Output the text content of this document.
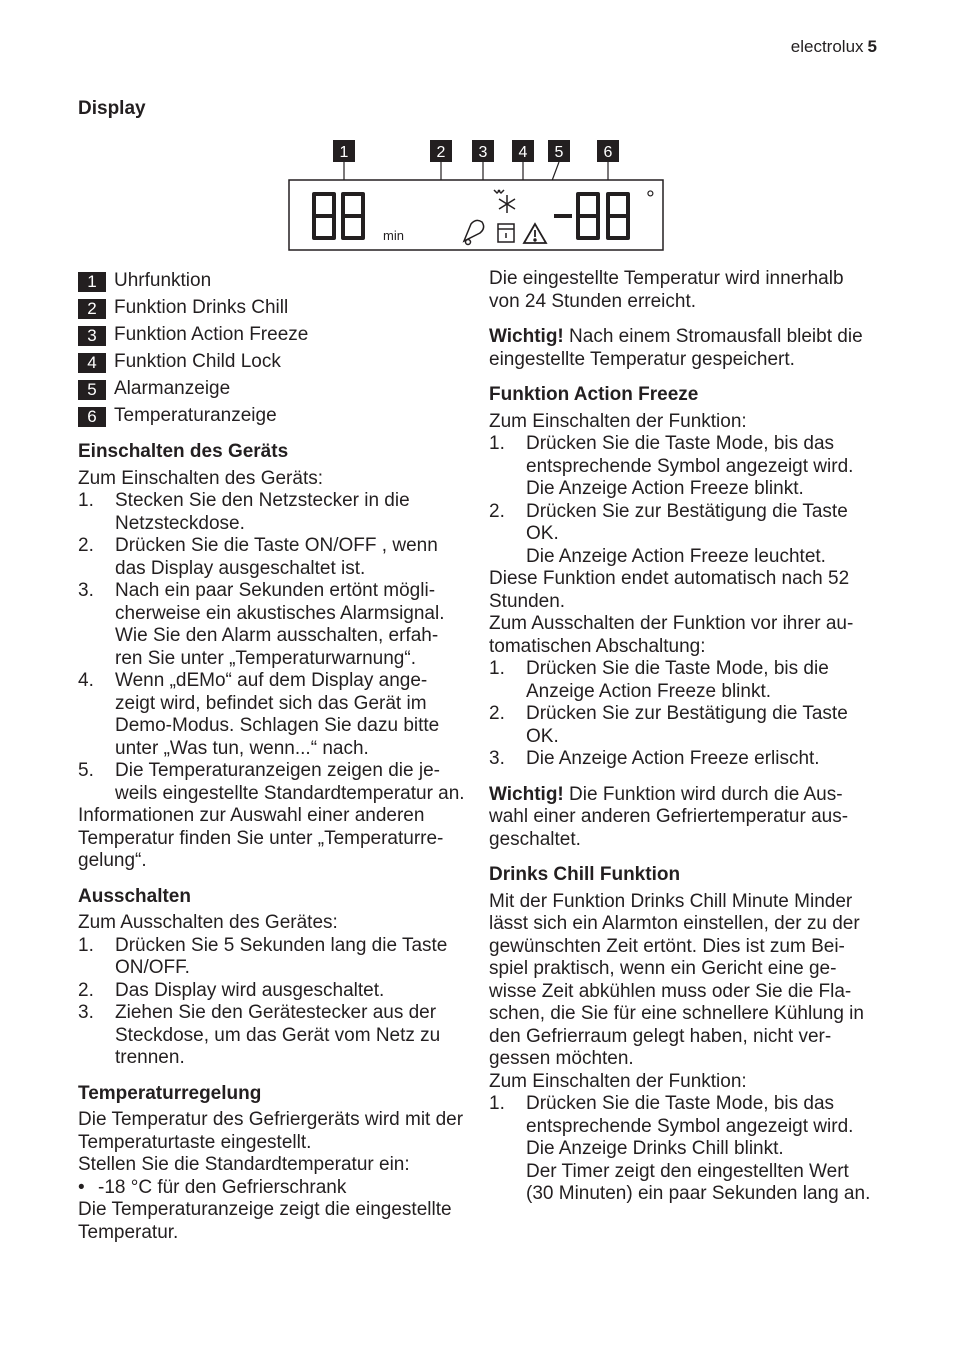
electrolux 5
Display
1	2 3 4 5	6
min
°
1 Uhrfunktion
2 Funktion Drinks Chill
3 Funktion Action Freeze
4 Funktion Child Lock
5 Alarmanzeige
6 Temperaturanzeige
Einschalten des Geräts

Zum Einschalten des Geräts:

1. Stecken Sie den Netzstecker in die Netzsteckdose.
2. Drücken Sie die Taste ON/OFF , wenn das Display ausgeschaltet ist.
3. Nach ein paar Sekunden ertönt mögli- cherweise ein akustisches Alarmsignal. Wie Sie den Alarm ausschalten, erfah- ren Sie unter „Temperaturwarnung“.
4. Wenn „dEMo“ auf dem Display ange- zeigt wird, befindet sich das Gerät im Demo-Modus. Schlagen Sie dazu bitte unter „Was tun, wenn...“ nach.
5. Die Temperaturanzeigen zeigen die je- weils eingestellte Standardtemperatur an.

Informationen zur Auswahl einer anderen Temperatur finden Sie unter „Temperaturre- gelung“.

Ausschalten

Zum Ausschalten des Gerätes:

1. Drücken Sie 5 Sekunden lang die Taste ON/OFF.
2. Das Display wird ausgeschaltet.
3. Ziehen Sie den Gerätestecker aus der Steckdose, um das Gerät vom Netz zu trennen.
Temperaturregelung

Die Temperatur des Gefriergeräts wird mit der Temperaturtaste eingestellt.

Stellen Sie die Standardtemperatur ein:

• -18 °C für den Gefrierschrank

Die Temperaturanzeige zeigt die eingestellte Temperatur.

Die eingestellte Temperatur wird innerhalb von 24 Stunden erreicht.

Wichtig! Nach einem Stromausfall bleibt die eingestellte Temperatur gespeichert.

Funktion Action Freeze

Zum Einschalten der Funktion:

1. Drücken Sie die Taste Mode, bis das entsprechende Symbol angezeigt wird. Die Anzeige Action Freeze blinkt.
2. Drücken Sie zur Bestätigung die Taste OK.

Die Anzeige Action Freeze leuchtet.

Diese Funktion endet automatisch nach 52 Stunden.

Zum Ausschalten der Funktion vor ihrer au- tomatischen Abschaltung:

1. Drücken Sie die Taste Mode, bis die Anzeige Action Freeze blinkt.
2. Drücken Sie zur Bestätigung die Taste OK.
3. Die Anzeige Action Freeze erlischt.

Wichtig! Die Funktion wird durch die Aus- wahl einer anderen Gefriertemperatur aus- geschaltet.

Drinks Chill Funktion

Mit der Funktion Drinks Chill Minute Minder lässt sich ein Alarmton einstellen, der zu der gewünschten Zeit ertönt. Dies ist zum Bei- spiel praktisch, wenn ein Gericht eine ge- wisse Zeit abkühlen muss oder Sie die Fla- schen, die Sie für eine schnellere Kühlung in den Gefrierraum gelegt haben, nicht ver- gessen möchten.

Zum Einschalten der Funktion:

1. Drücken Sie die Taste Mode, bis das entsprechende Symbol angezeigt wird. Die Anzeige Drinks Chill blinkt.

Der Timer zeigt den eingestellten Wert (30 Minuten) ein paar Sekunden lang an.
